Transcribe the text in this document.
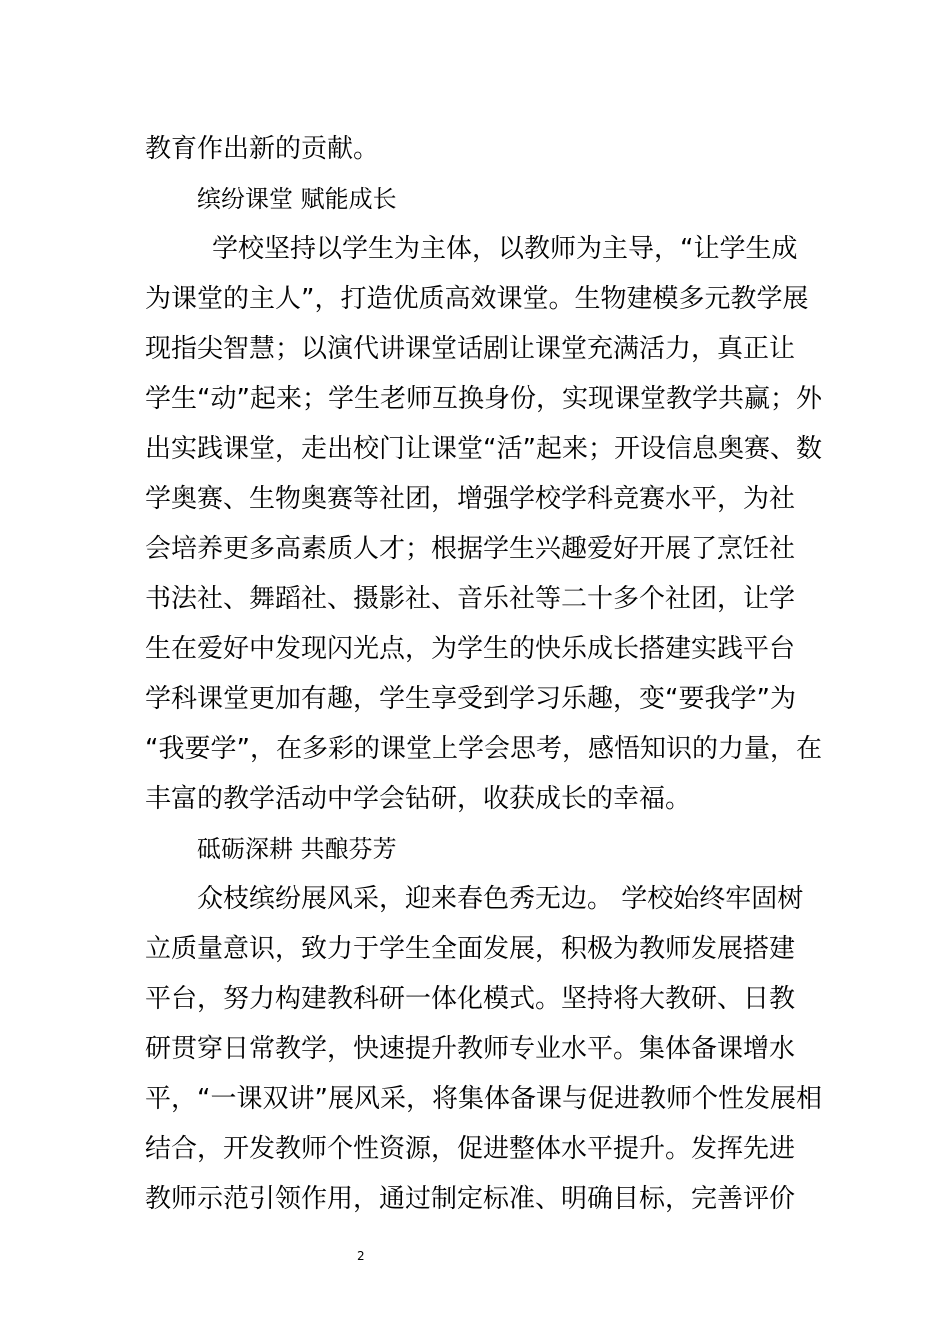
教育作出新的贡献。

缤纷课堂 赋能成长

学校坚持以学生为主体，以教师为主导，“让学生成

为课堂的主人”，打造优质高效课堂。生物建模多元教学展

现指尖智慧；以演代讲课堂话剧让课堂充满活力，真正让

学生“动”起来；学生老师互换身份，实现课堂教学共赢；外

出实践课堂，走出校门让课堂“活”起来；开设信息奥赛、数

学奥赛、生物奥赛等社团，增强学校学科竞赛水平，为社

会培养更多高素质人才；根据学生兴趣爱好开展了烹饪社

书法社、舞蹈社、摄影社、音乐社等二十多个社团，让学

生在爱好中发现闪光点，为学生的快乐成长搭建实践平台

学科课堂更加有趣，学生享受到学习乐趣，变“要我学”为

“我要学”，在多彩的课堂上学会思考，感悟知识的力量，在

丰富的教学活动中学会钻研，收获成长的幸福。

砥砺深耕 共酿芬芳

众枝缤纷展风采，迎来春色秀无边。 学校始终牢固树

立质量意识，致力于学生全面发展，积极为教师发展搭建

平台，努力构建教科研一体化模式。坚持将大教研、日教

研贯穿日常教学，快速提升教师专业水平。集体备课增水

平，“一课双讲”展风采，将集体备课与促进教师个性发展相

结合，开发教师个性资源，促进整体水平提升。发挥先进

教师示范引领作用，通过制定标准、明确目标，完善评价

2
